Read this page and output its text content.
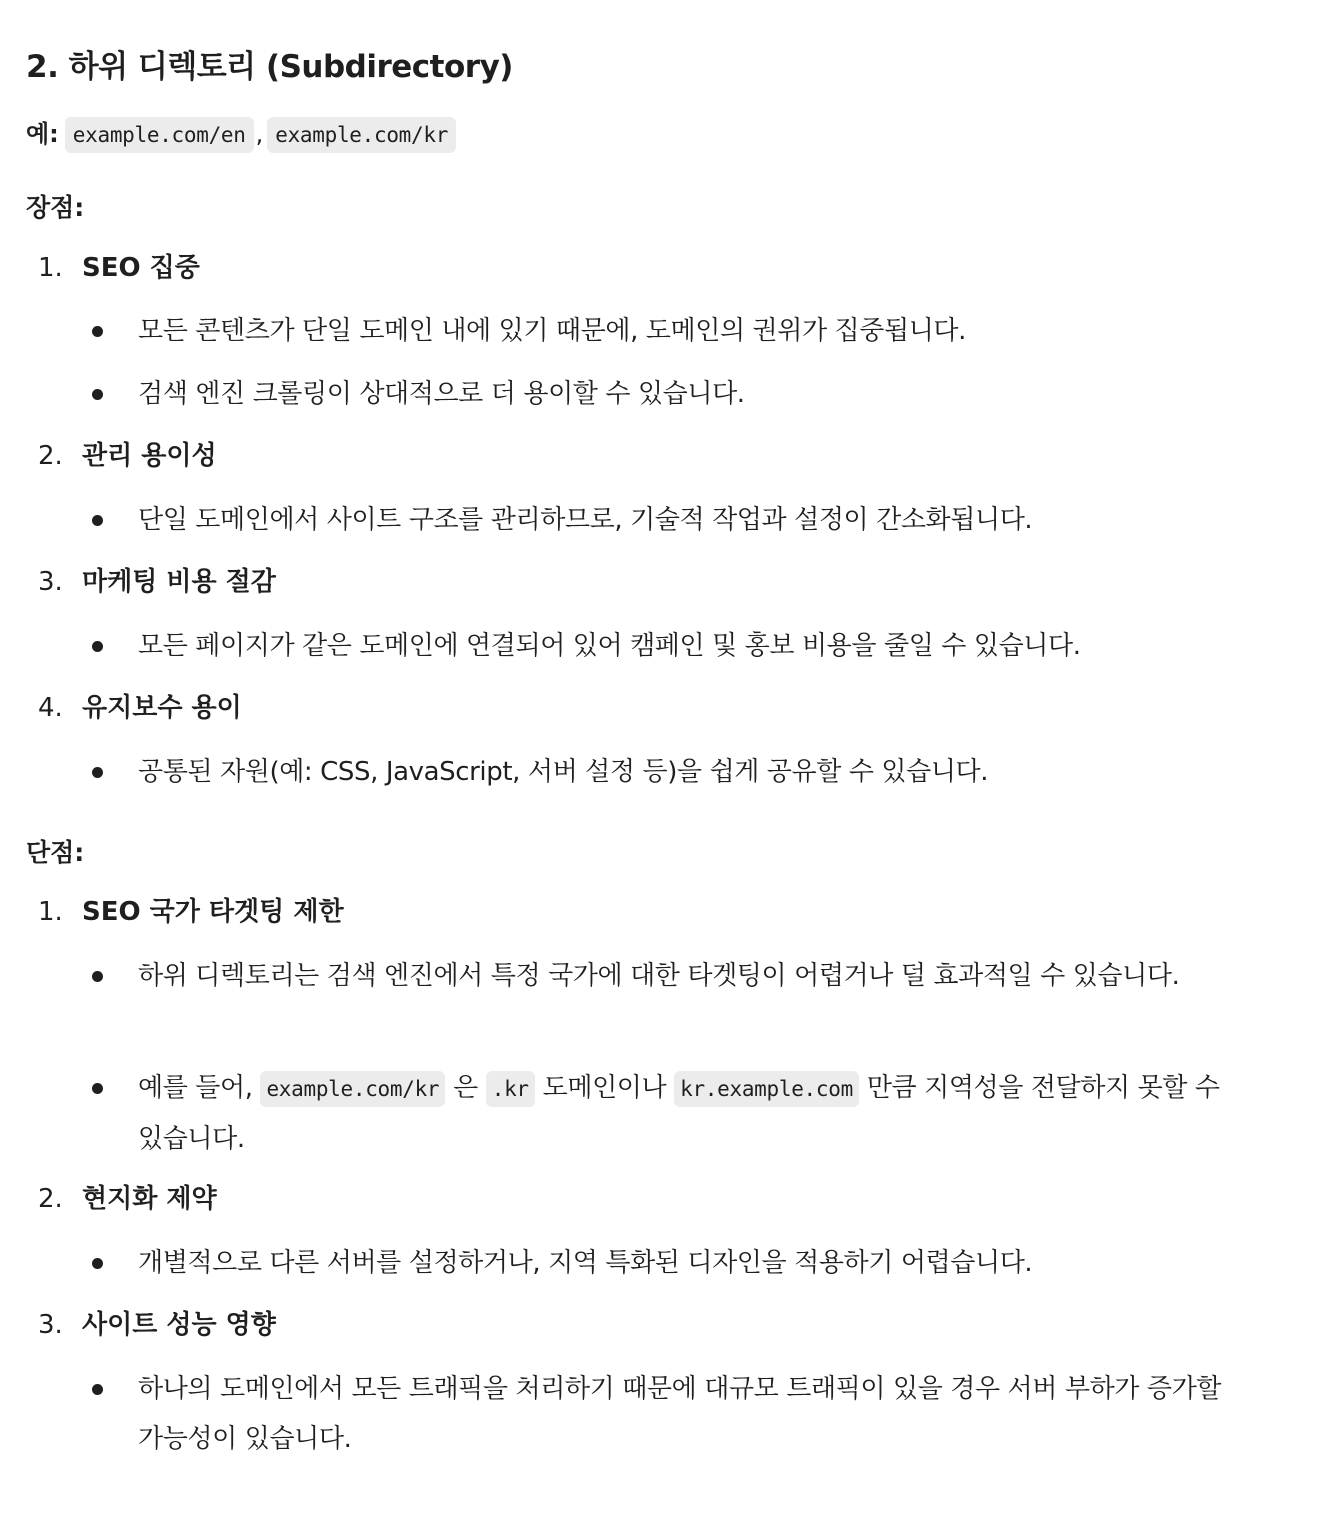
2. 하위 디렉토리 (Subdirectory)
예: example.com/en , example.com/kr
장점:
1. SEO 집중
모든 콘텐츠가 단일 도메인 내에 있기 때문에, 도메인의 권위가 집중됩니다.
검색 엔진 크롤링이 상대적으로 더 용이할 수 있습니다.
2. 관리 용이성
단일 도메인에서 사이트 구조를 관리하므로, 기술적 작업과 설정이 간소화됩니다.
3. 마케팅 비용 절감
모든 페이지가 같은 도메인에 연결되어 있어 캠페인 및 홍보 비용을 줄일 수 있습니다.
4. 유지보수 용이
공통된 자원(예: CSS, JavaScript, 서버 설정 등)을 쉽게 공유할 수 있습니다.
단점:
1. SEO 국가 타겟팅 제한
하위 디렉토리는 검색 엔진에서 특정 국가에 대한 타겟팅이 어렵거나 덜 효과적일 수 있습니다.
예를 들어, example.com/kr 은 .kr 도메인이나 kr.example.com 만큼 지역성을 전달하지 못할 수 있습니다.
2. 현지화 제약
개별적으로 다른 서버를 설정하거나, 지역 특화된 디자인을 적용하기 어렵습니다.
3. 사이트 성능 영향
하나의 도메인에서 모든 트래픽을 처리하기 때문에 대규모 트래픽이 있을 경우 서버 부하가 증가할 가능성이 있습니다.
